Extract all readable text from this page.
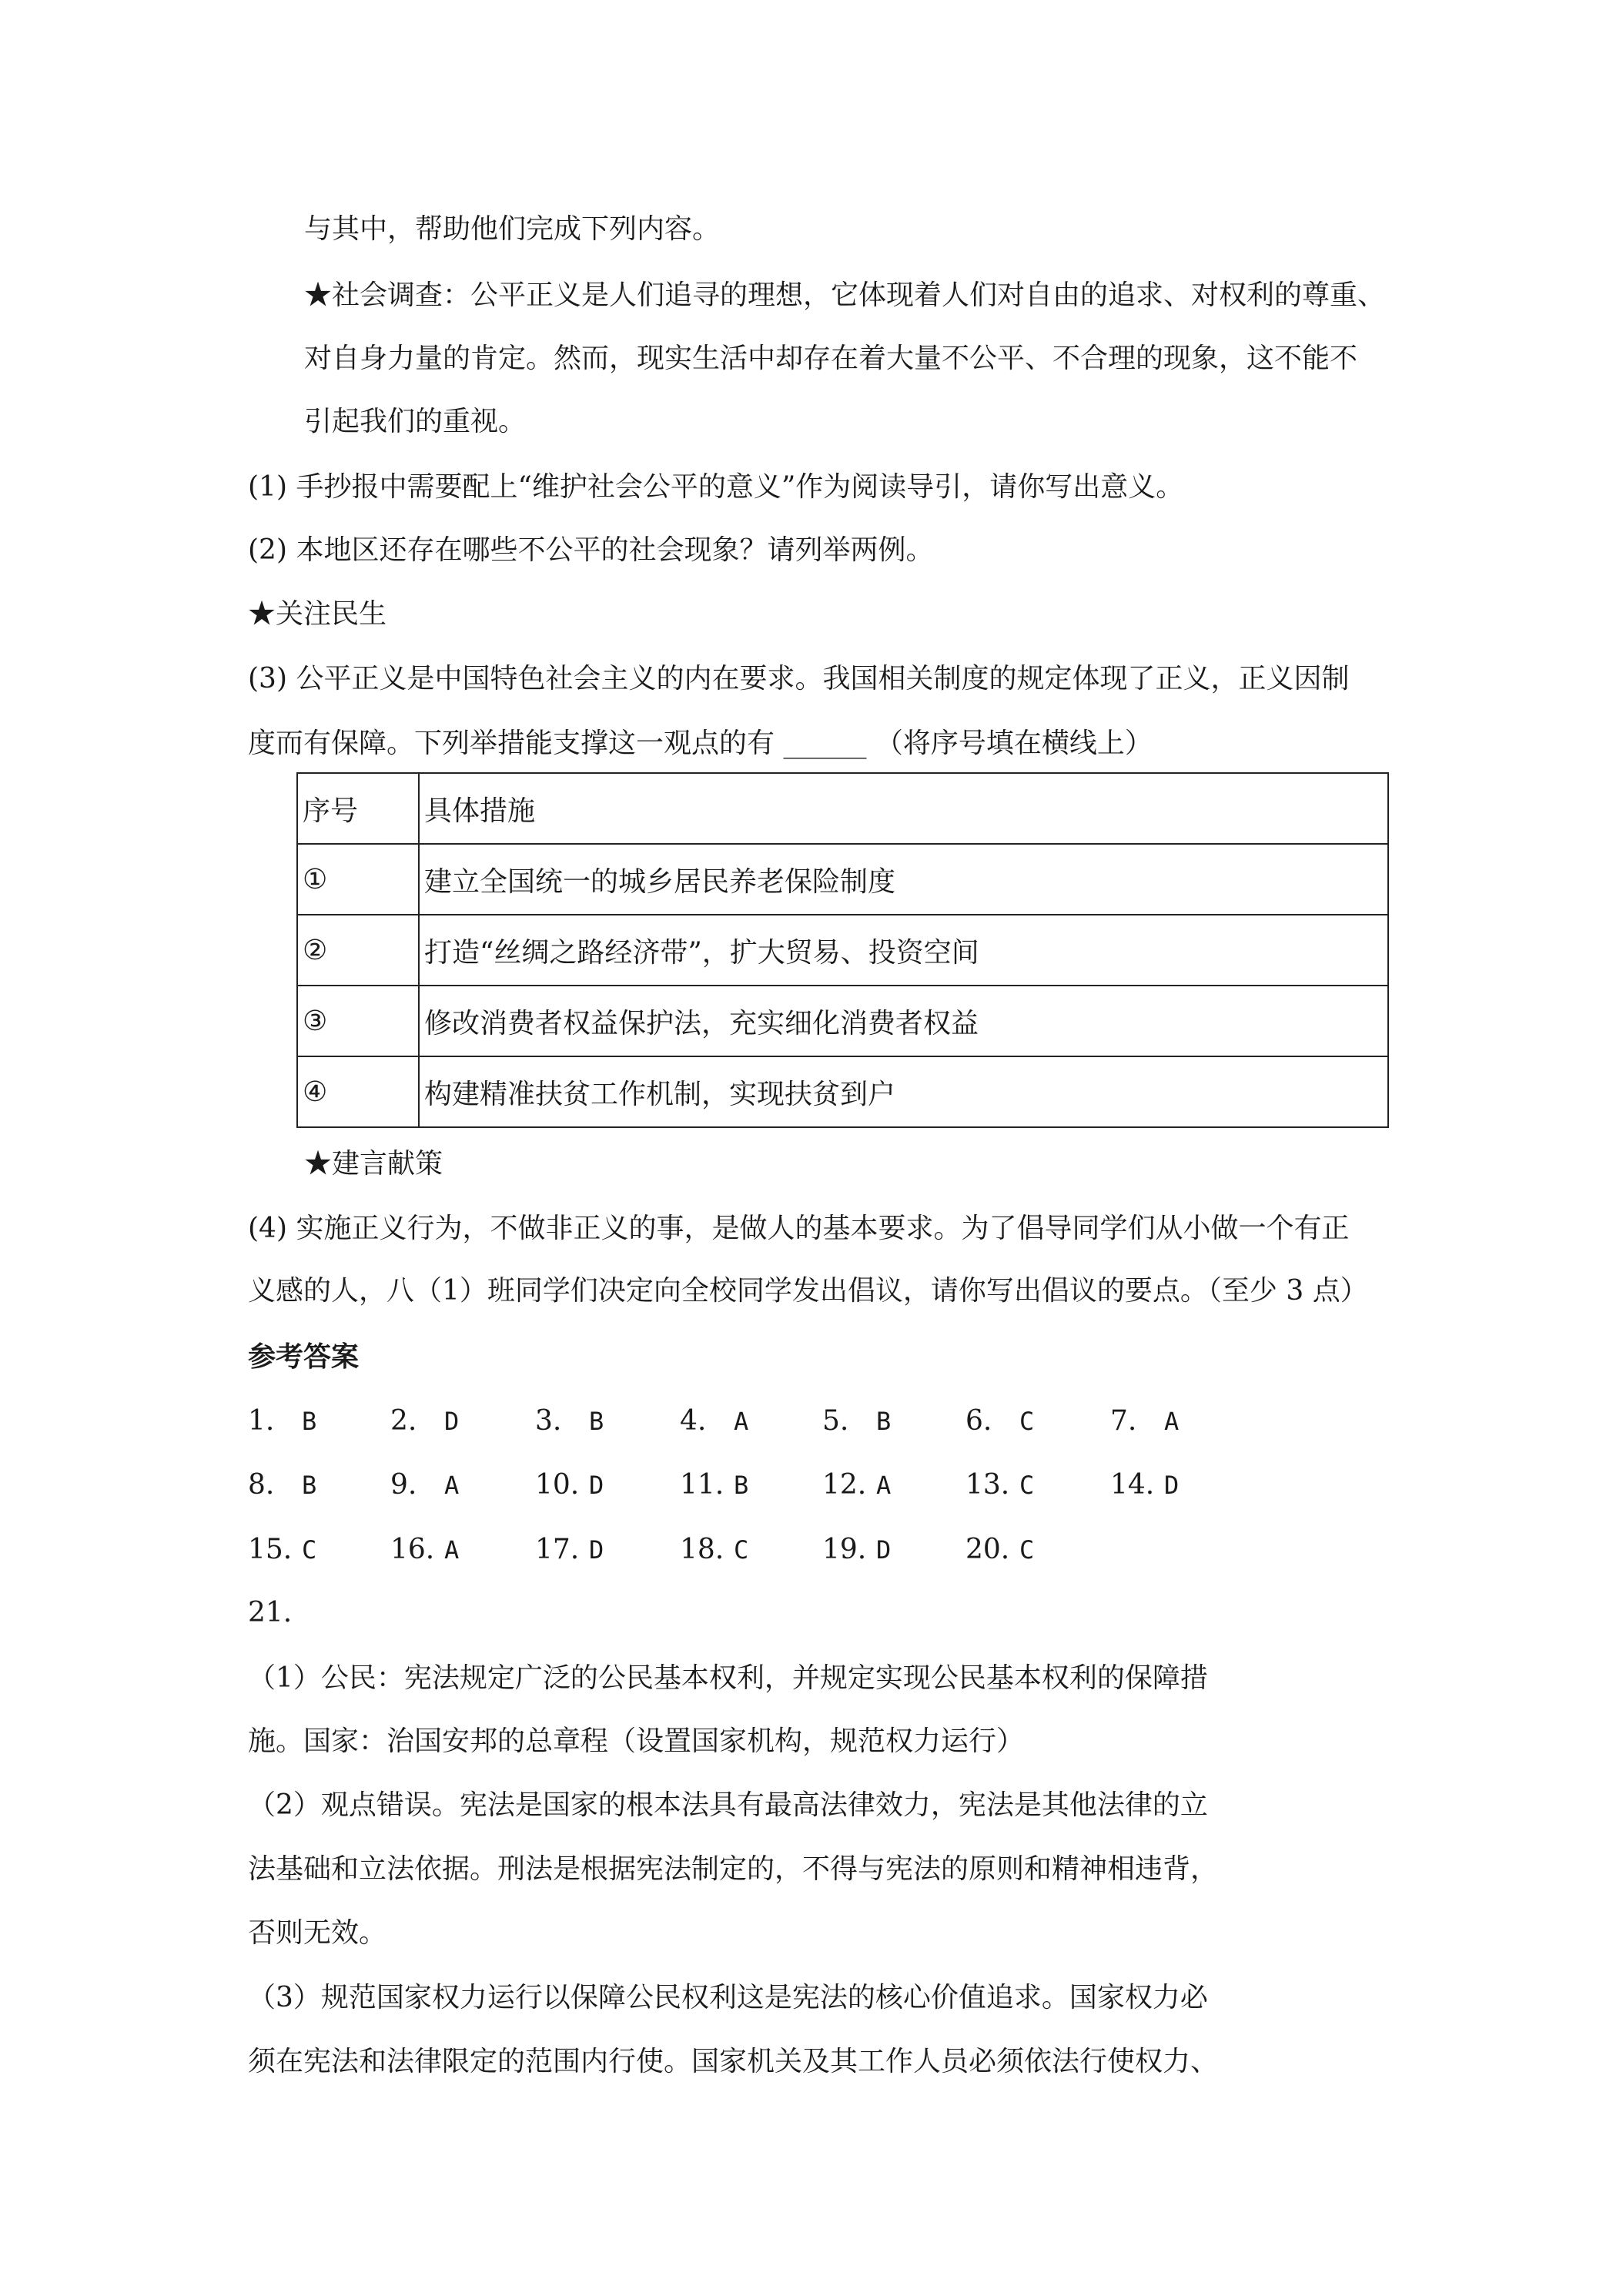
与其中，帮助他们完成下列内容。
★社会调查：公平正义是人们追寻的理想，它体现着人们对自由的追求、对权利的尊重、
对自身力量的肯定。然而，现实生活中却存在着大量不公平、不合理的现象，这不能不
引起我们的重视。
(1) 手抄报中需要配上“维护社会公平的意义”作为阅读导引，请你写出意义。
(2) 本地区还存在哪些不公平的社会现象？请列举两例。
★关注民生
(3) 公平正义是中国特色社会主义的内在要求。我国相关制度的规定体现了正义，正义因制
度而有保障。下列举措能支撑这一观点的有 ______ （将序号填在横线上）
序号	具体措施
①	建立全国统一的城乡居民养老保险制度
②	打造“丝绸之路经济带”，扩大贸易、投资空间
③	修改消费者权益保护法，充实细化消费者权益
④	构建精准扶贫工作机制，实现扶贫到户
★建言献策
(4) 实施正义行为，不做非正义的事，是做人的基本要求。为了倡导同学们从小做一个有正
义感的人，八（1）班同学们决定向全校同学发出倡议，请你写出倡议的要点。（至少 3 点）
参考答案
1. B	2. D	3. B	4. A	5. B	6. C	7. A
8. B	9. A	10. D	11. B	12. A	13. C	14. D
15. C	16. A	17. D	18. C	19. D	20. C
21.
（1）公民：宪法规定广泛的公民基本权利，并规定实现公民基本权利的保障措
施。国家：治国安邦的总章程（设置国家机构，规范权力运行）
（2）观点错误。宪法是国家的根本法具有最高法律效力，宪法是其他法律的立
法基础和立法依据。刑法是根据宪法制定的，不得与宪法的原则和精神相违背，
否则无效。
（3）规范国家权力运行以保障公民权利这是宪法的核心价值追求。国家权力必
须在宪法和法律限定的范围内行使。国家机关及其工作人员必须依法行使权力、
